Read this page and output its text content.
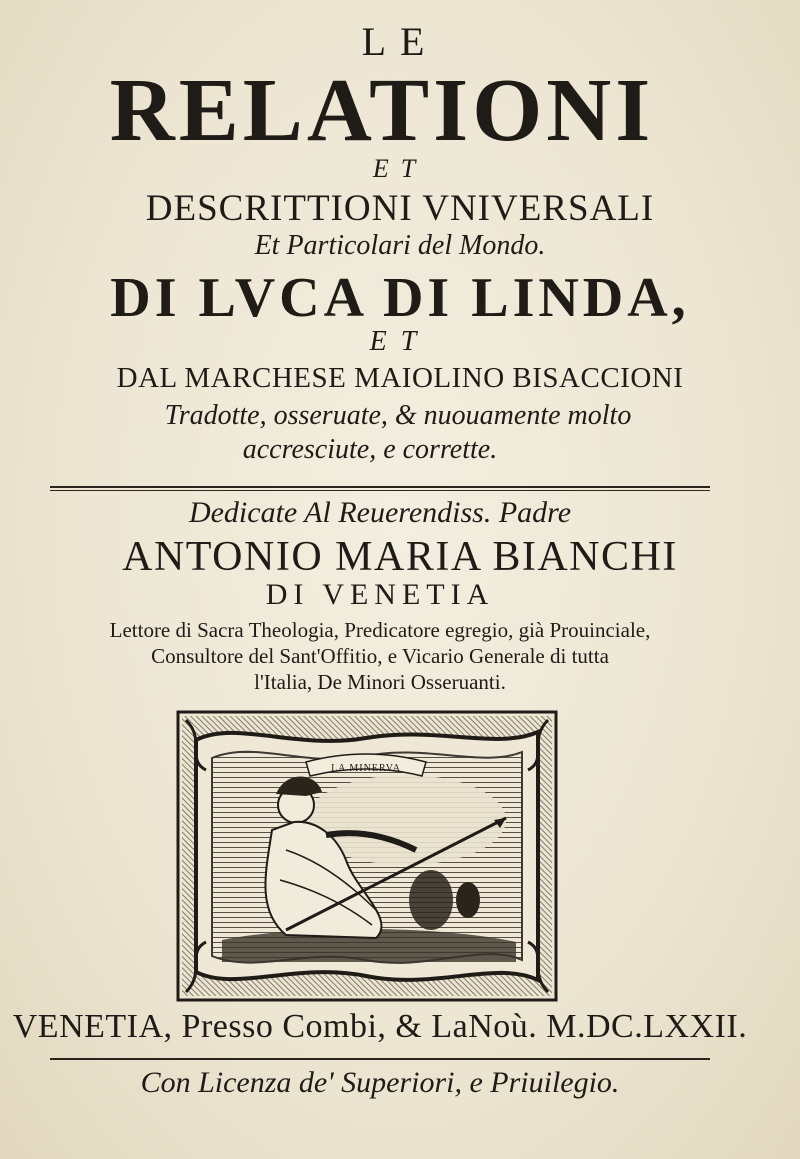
LE
RELATIONI
ET
DESCRITTIONI VNIVERSALI
Et Particolari del Mondo.
DI LVCA DI LINDA,
ET
DAL MARCHESE MAIOLINO BISACCIONI
Tradotte, osseruate, & nuouamente molto
accresciute, e corrette.
Dedicate Al Reuerendiss. Padre
ANTONIO MARIA BIANCHI
DI VENETIA
Lettore di Sacra Theologia, Predicatore egregio, già Prouinciale,
Consultore del Sant'Offitio, e Vicario Generale di tutta
l'Italia, De Minori Osseruanti.
LA MINERVA
VENETIA, Presso Combi, & LaNoù. M.DC.LXXII.
Con Licenza de' Superiori, e Priuilegio.
